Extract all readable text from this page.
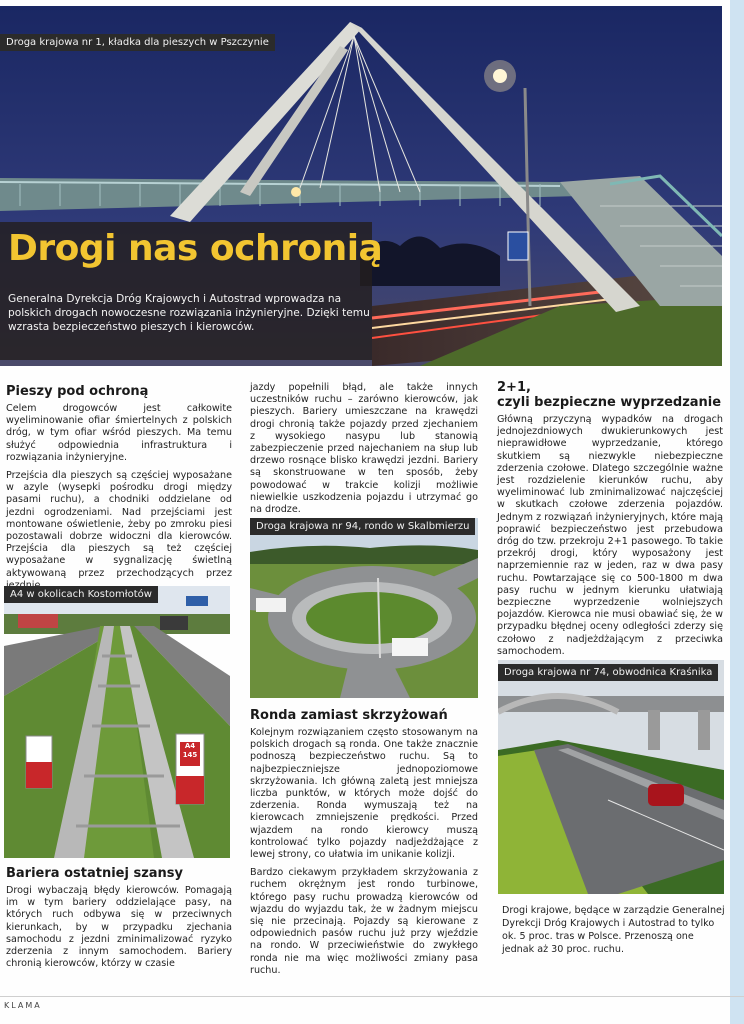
Droga krajowa nr 1, kładka dla pieszych w Pszczynie
Drogi nas ochronią

Generalna Dyrekcja Dróg Krajowych i Autostrad wprowadza na polskich drogach nowoczesne rozwiązania inżynieryjne. Dzięki temu wzrasta bezpieczeństwo pieszych i kierowców.

Pieszy pod ochroną

Celem drogowców jest całkowite wyeliminowanie ofiar śmiertelnych z polskich dróg, w tym ofiar wśród pieszych. Ma temu służyć odpowiednia infrastruktura i rozwiązania inżynieryjne.

Przejścia dla pieszych są częściej wyposażane w azyle (wysepki pośrodku drogi między pasami ruchu), a chodniki oddzielane od jezdni ogrodzeniami. Nad przejściami jest montowane oświetlenie, żeby po zmroku piesi pozostawali dobrze widoczni dla kierowców. Przejścia dla pieszych są też częściej wyposażane w sygnalizację świetlną aktywowaną przez przechodzących przez

A4 w okolicach Kostomłotów
A4
145
Bariera ostatniej szansy

Drogi wybaczają błędy kierowców. Pomagają im w tym bariery oddzielające pasy, na których ruch odbywa się w przeciwnych kierunkach, by w przypadku zjechania samochodu z jezdni zminimalizować ryzyko zderzenia z innym samochodem. Bariery chronią kierowców, którzy w czasie

jazdy popełnili błąd, ale także innych uczestników ruchu – zarówno kierowców, jak pieszych. Bariery umieszczane na krawędzi drogi chronią także pojazdy przed zjechaniem z wysokiego nasypu lub stanowią zabezpieczenie przed najechaniem na słup lub drzewo rosnące blisko krawędzi jezdni. Bariery są skonstruowane w ten sposób, żeby powodować w trakcie kolizji możliwie niewielkie uszkodzenia pojazdu i utrzymać go na drodze.

Droga krajowa nr 94, rondo w Skalbmierzu
Ronda zamiast skrzyżowań

Kolejnym rozwiązaniem często stosowanym na polskich drogach są ronda. One także znacznie podnoszą bezpieczeństwo ruchu. Są to najbezpieczniejsze jednopoziomowe skrzyżowania. Ich główną zaletą jest mniejsza liczba punktów, w których może dojść do zderzenia. Ronda wymuszają też na kierowcach zmniejszenie prędkości. Przed wjazdem na rondo kierowcy muszą kontrolować tylko pojazdy nadjeżdżające z lewej strony, co ułatwia im unikanie kolizji.

Bardzo ciekawym przykładem skrzyżowania z ruchem okrężnym jest rondo turbinowe, którego pasy ruchu prowadzą kierowców od wjazdu do wyjazdu tak, że w żadnym miejscu się nie przecinają. Pojazdy są kierowane z odpowiednich pasów ruchu już przy wjeździe na rondo. W przeciwieństwie do zwykłego ronda nie ma więc możliwości zmiany pasa ruchu.

2+1,
czyli bezpieczne wyprzedzanie

Główną przyczyną wypadków na drogach jednojezdniowych dwukierunkowych jest nieprawidłowe wyprzedzanie, którego skutkiem są niezwykle niebezpieczne zderzenia czołowe. Dlatego szczególnie ważne jest rozdzielenie kierunków ruchu, aby wyeliminować lub zminimalizować najczęściej w skutkach czołowe zderzenia pojazdów. Jednym z rozwiązań inżynieryjnych, które mają poprawić bezpieczeństwo jest przebudowa dróg do tzw. przekroju 2+1 pasowego. To takie przekrój drogi, który wyposażony jest naprzemiennie raz w jeden, raz w dwa pasy ruchu. Powtarzające się co 500-1800 m dwa pasy ruchu w jednym kierunku ułatwiają bezpieczne wyprzedzenie wolniejszych pojazdów. Kierowca nie musi obawiać się, że w przypadku błędnej oceny odległości zderzy się czołowo z nadjeżdżającym z przeciwka samochodem.

Droga krajowa nr 74, obwodnica Kraśnika

Drogi krajowe, będące w zarządzie Generalnej Dyrekcji Dróg Krajowych i Autostrad to tylko ok. 5 proc. tras w Polsce. Przenoszą one jednak aż 30 proc. ruchu.

KLAMA
